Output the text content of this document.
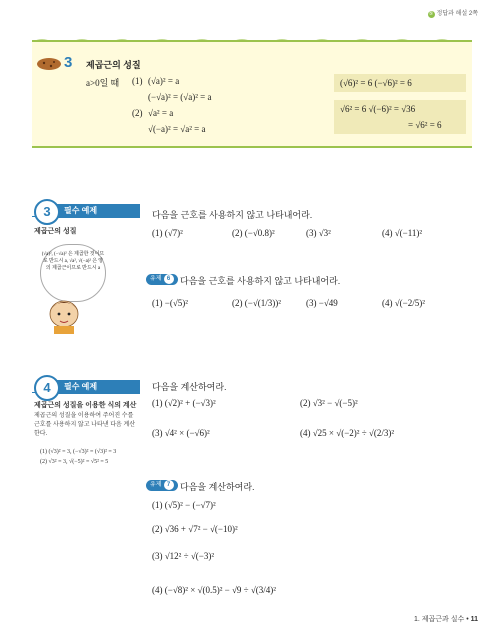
⑤ 정답과 해설 2쪽
3 제곱근의 성질
a>0일 때 (1) (√a)² = a
(−√a)² = (√a)² = a
(2) √a² = a
√(−a)² = √a² = a
(√6)² = 6 (−√6)² = 6
√6² = 6 √(−6)² = √36
= √6² = 6
필수 예제
3
제곱근의 성질
다음을 근호를 사용하지 않고 나타내어라.
(1) (√7)²	(2) (−√0.8)²	(3) √3²	(4) √(−11)²
(√a)², (−√a)² 은 제곱한 것이므로 반드시 a, √a², √(−a)² 은 양의 제곱근이므로 반드시 a
유제 6	다음을 근호를 사용하지 않고 나타내어라.
(1) −(√5)²	(2) (−√(1/3))²	(3) −√49	(4) √(−2/5)²
필수 예제
4
제곱근의 성질을 이용한 식의 계산
제곱근의 성질을 이용하여 주어진 수를 근호를 사용하지 않고 나타낸 다음 계산한다.
(1) (√3)² = 3, (−√3)² = (√3)² = 3
(2) √3² = 3, √(−5)² = √5² = 5
다음을 계산하여라.
(1) (√2)² + (−√3)²	(2) √3² − √(−5)²
(3) √4² × (−√6)²	(4) √25 × √(−2)² ÷ √(2/3)²
유제 7	다음을 계산하여라.
(1) (√5)² − (−√7)²
(2) √36 + √7² − √(−10)²
(3) √12² ÷ √(−3)²
(4) (−√8)² × √(0.5)² − √9 ÷ √(3/4)²
1. 제곱근과 실수 • 11
